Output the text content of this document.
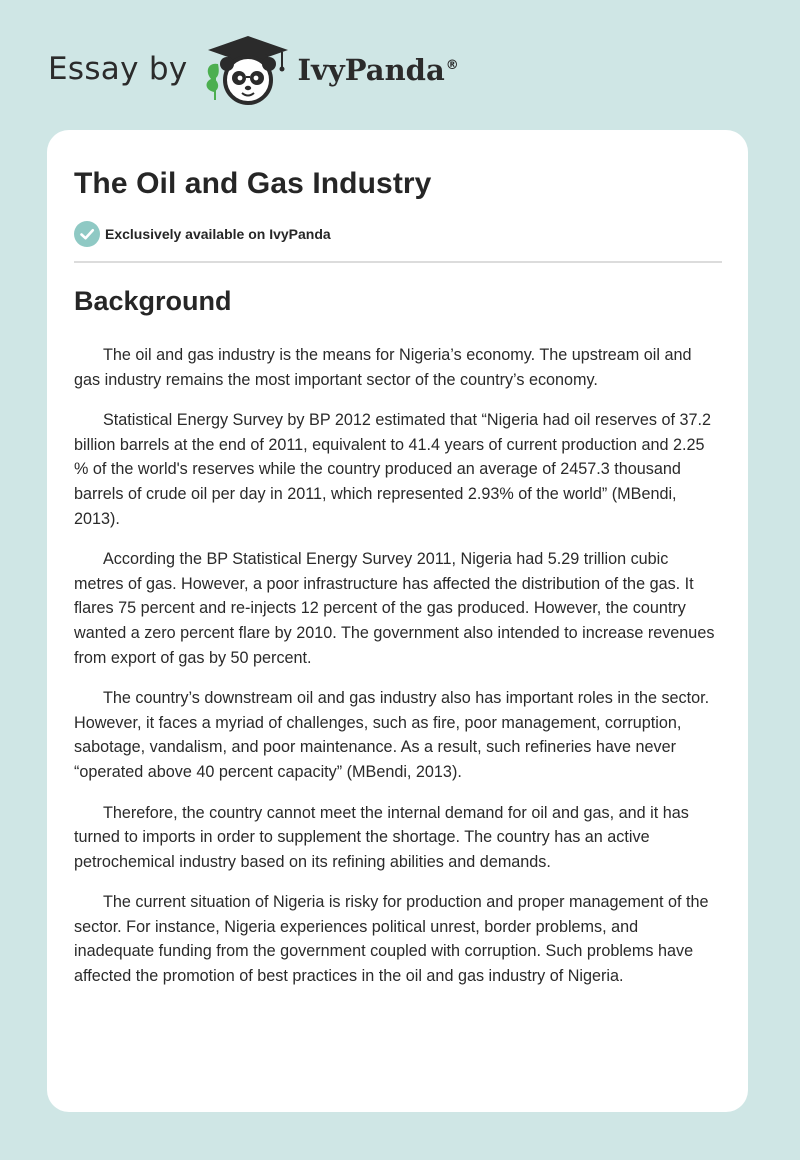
Essay by	IvyPanda®
The Oil and Gas Industry
Exclusively available on IvyPanda
Background

The oil and gas industry is the means for Nigeria’s economy. The upstream oil and gas industry remains the most important sector of the country’s economy.

Statistical Energy Survey by BP 2012 estimated that “Nigeria had oil reserves of 37.2 billion barrels at the end of 2011, equivalent to 41.4 years of current production and 2.25 % of the world's reserves while the country produced an average of 2457.3 thousand barrels of crude oil per day in 2011, which represented 2.93% of the world” (MBendi, 2013).

According the BP Statistical Energy Survey 2011, Nigeria had 5.29 trillion cubic metres of gas. However, a poor infrastructure has affected the distribution of the gas. It flares 75 percent and re-injects 12 percent of the gas produced. However, the country wanted a zero percent flare by 2010. The government also intended to increase revenues from export of gas by 50 percent.

The country’s downstream oil and gas industry also has important roles in the sector. However, it faces a myriad of challenges, such as fire, poor management, corruption, sabotage, vandalism, and poor maintenance. As a result, such refineries have never “operated above 40 percent capacity” (MBendi, 2013).

Therefore, the country cannot meet the internal demand for oil and gas, and it has turned to imports in order to supplement the shortage. The country has an active petrochemical industry based on its refining abilities and demands.

The current situation of Nigeria is risky for production and proper management of the sector. For instance, Nigeria experiences political unrest, border problems, and inadequate funding from the government coupled with corruption. Such problems have affected the promotion of best practices in the oil and gas industry of Nigeria.
